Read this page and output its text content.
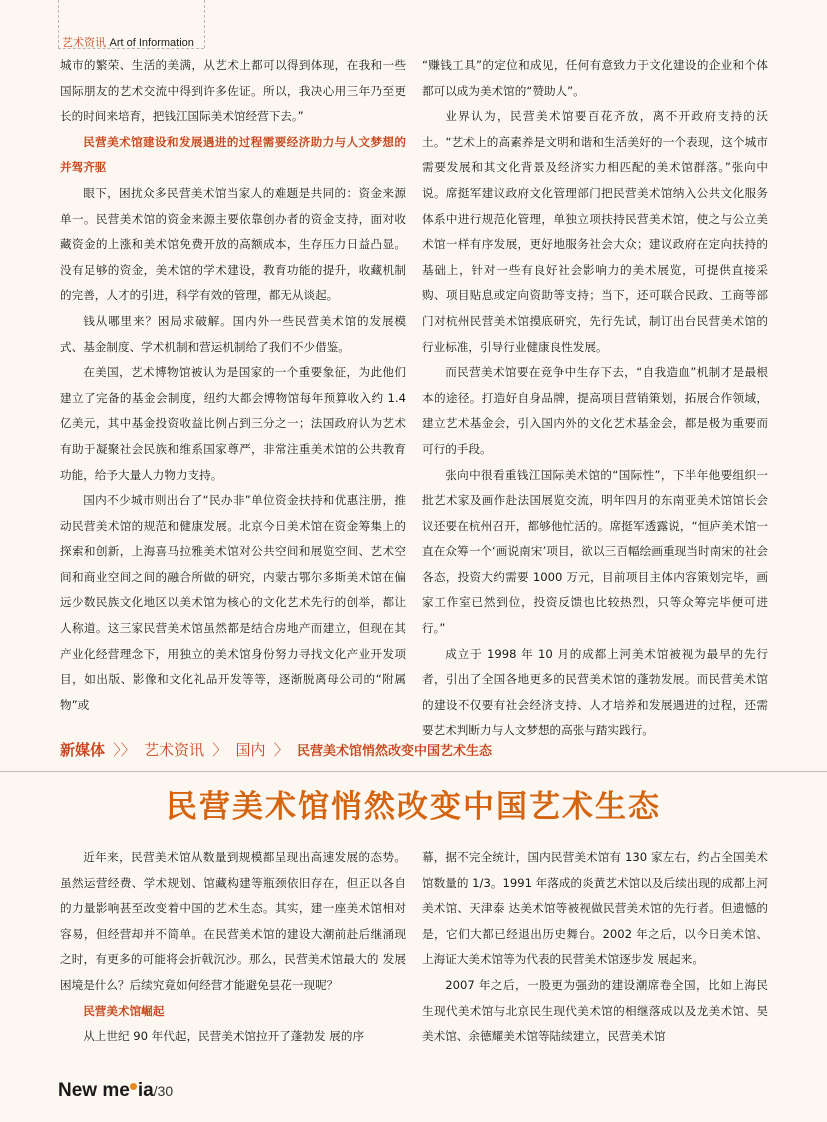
艺术资讯 Art of Information

城市的繁荣、生活的美满，从艺术上都可以得到体现，在我和一些国际朋友的艺术交流中得到许多佐证。所以，我决心用三年乃至更长的时间来培育，把钱江国际美术馆经营下去。”

民营美术馆建设和发展遇进的过程需要经济助力与人文梦想的并驾齐驱

眼下，困扰众多民营美术馆当家人的难题是共同的：资金来源单一。民营美术馆的资金来源主要依靠创办者的资金支持，面对收藏资金的上涨和美术馆免费开放的高额成本，生存压力日益凸显。没有足够的资金，美术馆的学术建设，教育功能的提升，收藏机制的完善，人才的引进，科学有效的管理，都无从谈起。

钱从哪里来？困局求破解。国内外一些民营美术馆的发展模式、基金制度、学术机制和营运机制给了我们不少借鉴。

在美国，艺术博物馆被认为是国家的一个重要象征，为此他们建立了完备的基金会制度，纽约大都会博物馆每年预算收入约 1.4 亿美元，其中基金投资收益比例占到三分之一；法国政府认为艺术有助于凝聚社会民族和维系国家尊严，非常注重美术馆的公共教育功能，给予大量人力物力支持。

国内不少城市则出台了“民办非”单位资金扶持和优惠注册，推动民营美术馆的规范和健康发展。北京今日美术馆在资金筹集上的探索和创新，上海喜马拉雅美术馆对公共空间和展览空间、艺术空间和商业空间之间的融合所做的研究，内蒙古鄂尔多斯美术馆在偏远少数民族文化地区以美术馆为核心的文化艺术先行的创举，都让人称道。这三家民营美术馆虽然都是结合房地产而建立，但现在其产业化经营理念下，用独立的美术馆身份努力寻找文化产业开发项目，如出版、影像和文化礼品开发等等，逐渐脱离母公司的“附属物”或

“赚钱工具”的定位和成见，任何有意致力于文化建设的企业和个体都可以成为美术馆的“赞助人”。

业界认为，民营美术馆要百花齐放，离不开政府支持的沃土。“艺术上的高素养是文明和谐和生活美好的一个表现，这个城市需要发展和其文化背景及经济实力相匹配的美术馆群落。”张向中说。席挺军建议政府文化管理部门把民营美术馆纳入公共文化服务体系中进行规范化管理，单独立项扶持民营美术馆，使之与公立美术馆一样有序发展，更好地服务社会大众；建议政府在定向扶持的基础上，针对一些有良好社会影响力的美术展览，可提供直接采购、项目贴息或定向资助等支持；当下，还可联合民政、工商等部门对杭州民营美术馆摸底研究，先行先试，制订出台民营美术馆的行业标准，引导行业健康良性发展。

而民营美术馆要在竞争中生存下去，“自我造血”机制才是最根本的途径。打造好自身品牌，提高项目营销策划，拓展合作领域，建立艺术基金会，引入国内外的文化艺术基金会，都是极为重要而可行的手段。

张向中很看重钱江国际美术馆的“国际性”，下半年他要组织一批艺术家及画作赴法国展览交流，明年四月的东南亚美术馆馆长会议还要在杭州召开，都够他忙活的。席挺军透露说，“恒庐美术馆一直在众筹一个‘画说南宋’项目，欲以三百幅绘画重现当时南宋的社会各态，投资大约需要 1000 万元，目前项目主体内容策划完毕，画家工作室已然到位，投资反馈也比较热烈，只等众筹完毕便可进行。”

成立于 1998 年 10 月的成都上河美术馆被视为最早的先行者，引出了全国各地更多的民营美术馆的蓬勃发展。而民营美术馆的建设不仅要有社会经济支持、人才培养和发展遇进的过程，还需要艺术判断力与人文梦想的高张与踏实践行。

新媒体 〉〉 艺术资讯 〉 国内 〉 民营美术馆悄然改变中国艺术生态
民营美术馆悄然改变中国艺术生态

近年来，民营美术馆从数量到规模都呈现出高速发展的态势。虽然运营经费、学术规划、馆藏构建等瓶颈依旧存在，但正以各自的力量影响甚至改变着中国的艺术生态。其实，建一座美术馆相对容易，但经营却并不简单。在民营美术馆的建设大潮前赴后继涌现之时，有更多的可能将会折戟沉沙。那么，民营美术馆最大的 发展困境是什么？后续究竟如何经营才能避免昙花一现呢？

民营美术馆崛起

从上世纪 90 年代起，民营美术馆拉开了蓬勃发 展的序

幕，据不完全统计，国内民营美术馆有 130 家左右，约占全国美术馆数量的 1/3。1991 年落成的炎黄艺术馆以及后续出现的成都上河美术馆、天津泰 达美术馆等被视做民营美术馆的先行者。但遗憾的是，它们大都已经退出历史舞台。2002 年之后，以今日美术馆、上海证大美术馆等为代表的民营美术馆逐步发 展起来。

2007 年之后，一股更为强劲的建设潮席卷全国，比如上海民生现代美术馆与北京民生现代美术馆的相继落成以及龙美术馆、昊美术馆、余德耀美术馆等陆续建立，民营美术馆

New me ia/30
